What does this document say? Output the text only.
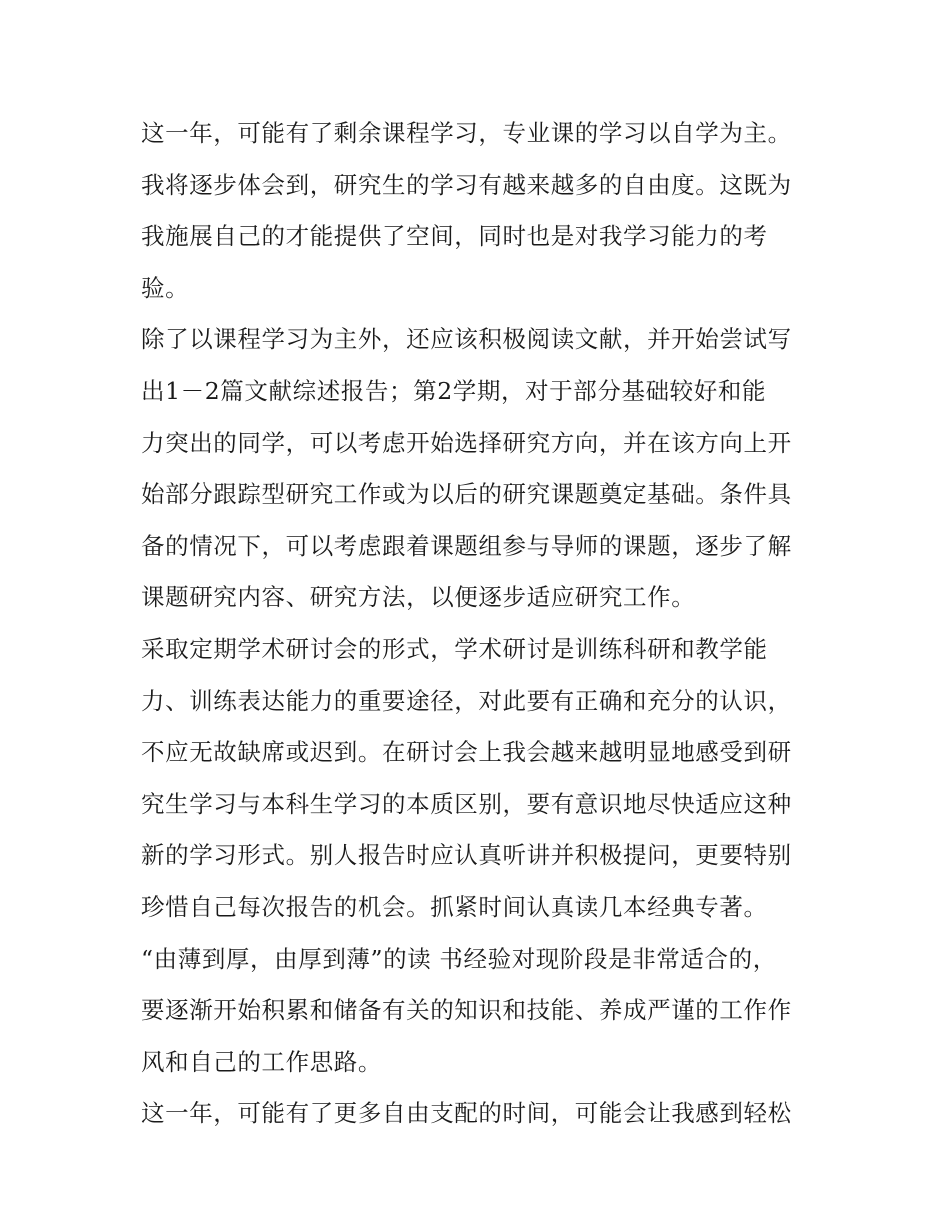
这一年，可能有了剩余课程学习，专业课的学习以自学为主。
我将逐步体会到，研究生的学习有越来越多的自由度。这既为
我施展自己的才能提供了空间，同时也是对我学习能力的考
验。
除了以课程学习为主外，还应该积极阅读文献，并开始尝试写
出1－2篇文献综述报告；第2学期，对于部分基础较好和能
力突出的同学，可以考虑开始选择研究方向，并在该方向上开
始部分跟踪型研究工作或为以后的研究课题奠定基础。条件具
备的情况下，可以考虑跟着课题组参与导师的课题，逐步了解
课题研究内容、研究方法，以便逐步适应研究工作。
采取定期学术研讨会的形式，学术研讨是训练科研和教学能
力、训练表达能力的重要途径，对此要有正确和充分的认识，
不应无故缺席或迟到。在研讨会上我会越来越明显地感受到研
究生学习与本科生学习的本质区别，要有意识地尽快适应这种
新的学习形式。别人报告时应认真听讲并积极提问，更要特别
珍惜自己每次报告的机会。抓紧时间认真读几本经典专著。
“由薄到厚，由厚到薄”的读 书经验对现阶段是非常适合的，
要逐渐开始积累和储备有关的知识和技能、养成严谨的工作作
风和自己的工作思路。
这一年，可能有了更多自由支配的时间，可能会让我感到轻松
